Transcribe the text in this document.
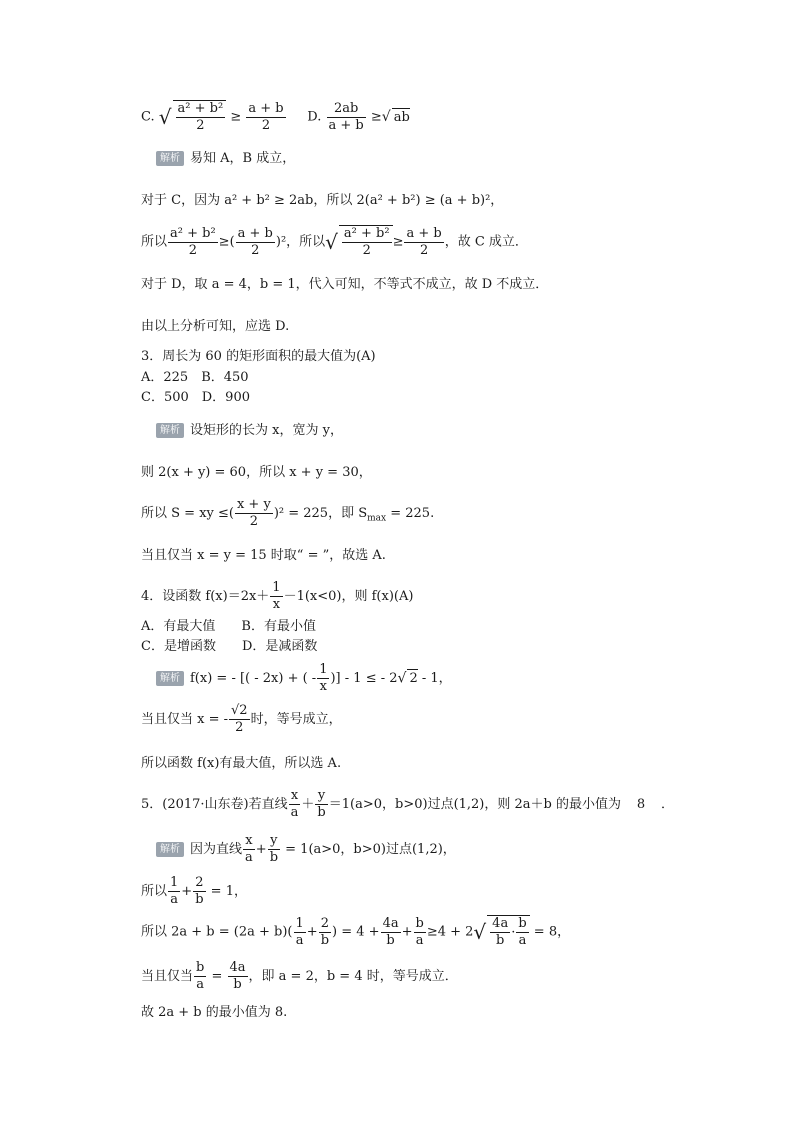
C. √ $\frac{\text{a² + b²}}{2} \ge \frac{a + b}{2} D$. $\frac{2ab}{a + b}$ ≥√ ab
解析 易知 A，B 成立，
对于 C，因为 a² + b² ≥ 2ab，所以 2(a² + b²) ≥ (a + b)²，
所以 $\frac{\text{a² + b²}}{2}$ ≥( $\frac{a + b}{2} )^2$，所以√ $\frac{\text{a² + b²}}{2} \ge \frac{a + b}{2}$ ，故 C 成立．
对于 D，取 a = 4，b = 1，代入可知，不等式不成立，故 D 不成立．
由以上分析可知，应选 D.
3．周长为 60 的矩形面积的最大值为(A)
A．225　B．450
C．500　D．900
解析 设矩形的长为 x，宽为 y，
则 2(x + y) = 60，所以 x + y = 30，
所以 S = xy ≤( $\frac{x + y}{2} )^2 = 225$，即 $S_{max} = 225$.
当且仅当 x = y = 15 时取“ = ”，故选 A.
4．设函数 $f(x)=2x+ \frac{1}{x} -1(x<0)$，则 f(x)(A)
A．有最大值　　B．有最小值
C．是增函数　　D．是减函数
解析 f(x) = - [( - 2x) + ( - $\frac{1}{x}$ )] - 1 ≤ - 2√ 2 - 1，
当且仅当 x = - $\frac{√2}{2}$ 时，等号成立，
所以函数 f(x)有最大值，所以选 A.
5．(2017·山东卷)若直线 $\frac{x}{a} + \frac{y}{b} =1(a>0$，b>0)过点(1,2)，则 2a＋b 的最小值为 8 ．
解析 因为直线 $\frac{x}{a} + \frac{y}{b} = 1(a>0$，b>0)过点(1,2)，
所以 $\frac{1}{a} + \frac{2}{b} = 1$，
所以 $2a + b = (2a + b)( \frac{1}{a} + \frac{2}{b}$ ) = $4 + \frac{4a}{b} + \frac{b}{a} \ge 4 + 2√ \frac{4a}{b} \cdot \frac{b}{a} = 8$，
当且仅当 $\frac{b}{a} = \frac{4a}{b}$ ，即 a = 2，b = 4 时，等号成立．
故 2a + b 的最小值为 8.
